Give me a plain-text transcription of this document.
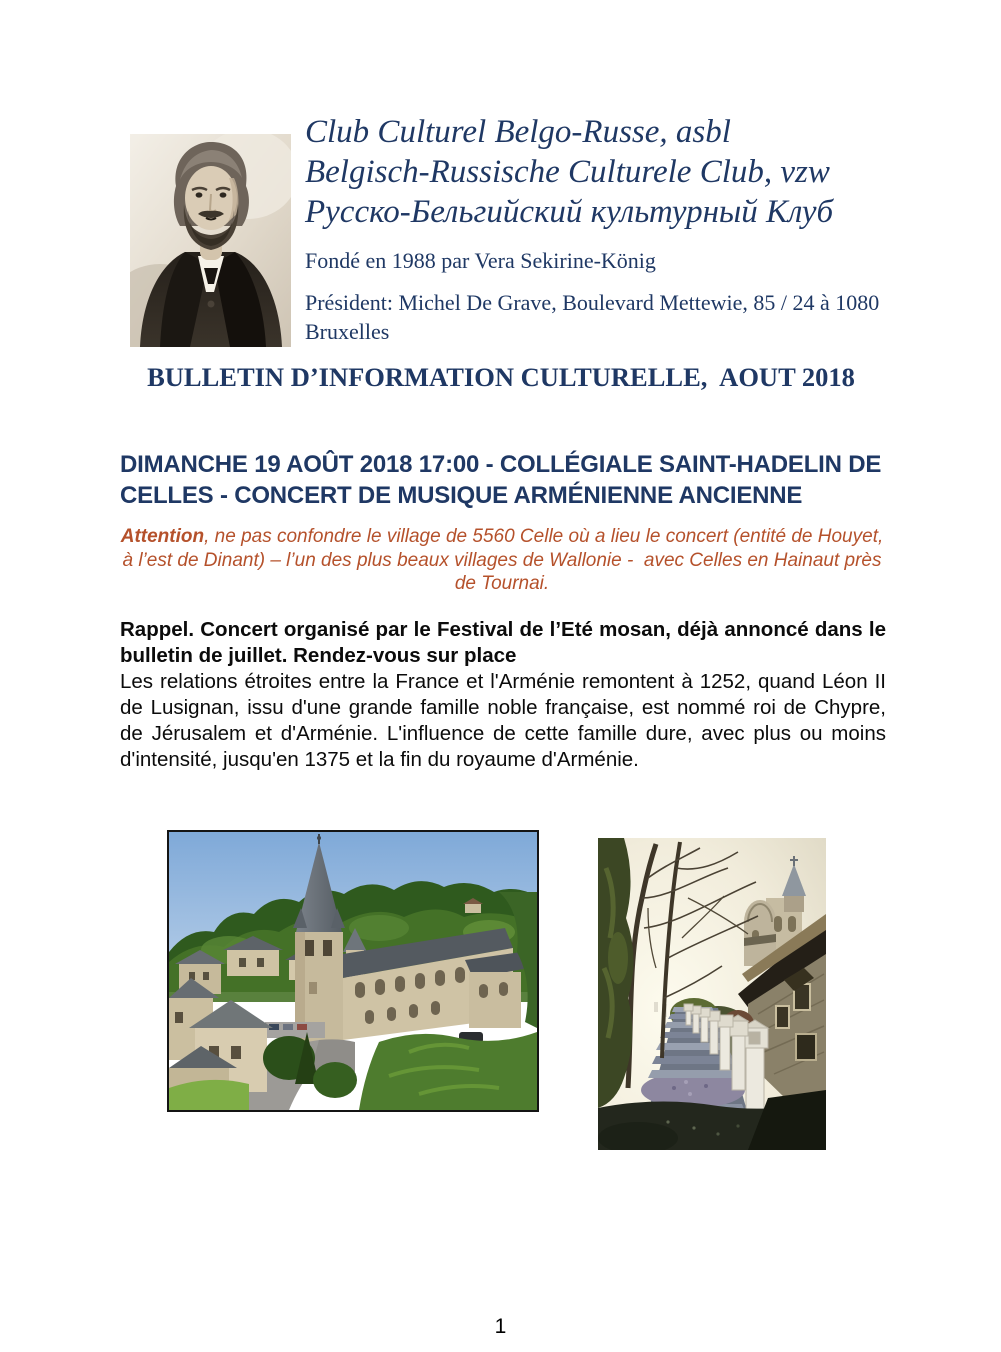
Club Culturel Belgo-Russe, asbl
Belgisch-Russische Culturele Club, vzw
Русско-Бельгийский культурный Клуб
Fondé en 1988 par Vera Sekirine-König
Président: Michel De Grave, Boulevard Mettewie, 85 / 24 à 1080 Bruxelles
BULLETIN D’INFORMATION CULTURELLE,  AOUT 2018
DIMANCHE 19 AOÛT 2018 17:00 - COLLÉGIALE SAINT-HADELIN DE CELLES - CONCERT DE MUSIQUE ARMÉNIENNE ANCIENNE
Attention, ne pas confondre le village de 5560 Celle où a lieu le concert (entité de Houyet, à l’est de Dinant) – l’un des plus beaux villages de Wallonie -  avec Celles en Hainaut près de Tournai.

Rappel. Concert organisé par le Festival de l’Eté mosan, déjà annoncé dans le bulletin de juillet. Rendez-vous sur place

Les relations étroites entre la France et l'Arménie remontent à 1252, quand Léon II de Lusignan, issu d'une grande famille noble française, est nommé roi de Chypre, de Jérusalem et d'Arménie. L'influence de cette famille dure, avec plus ou moins d'intensité, jusqu'en 1375 et la fin du royaume d'Arménie.

1
